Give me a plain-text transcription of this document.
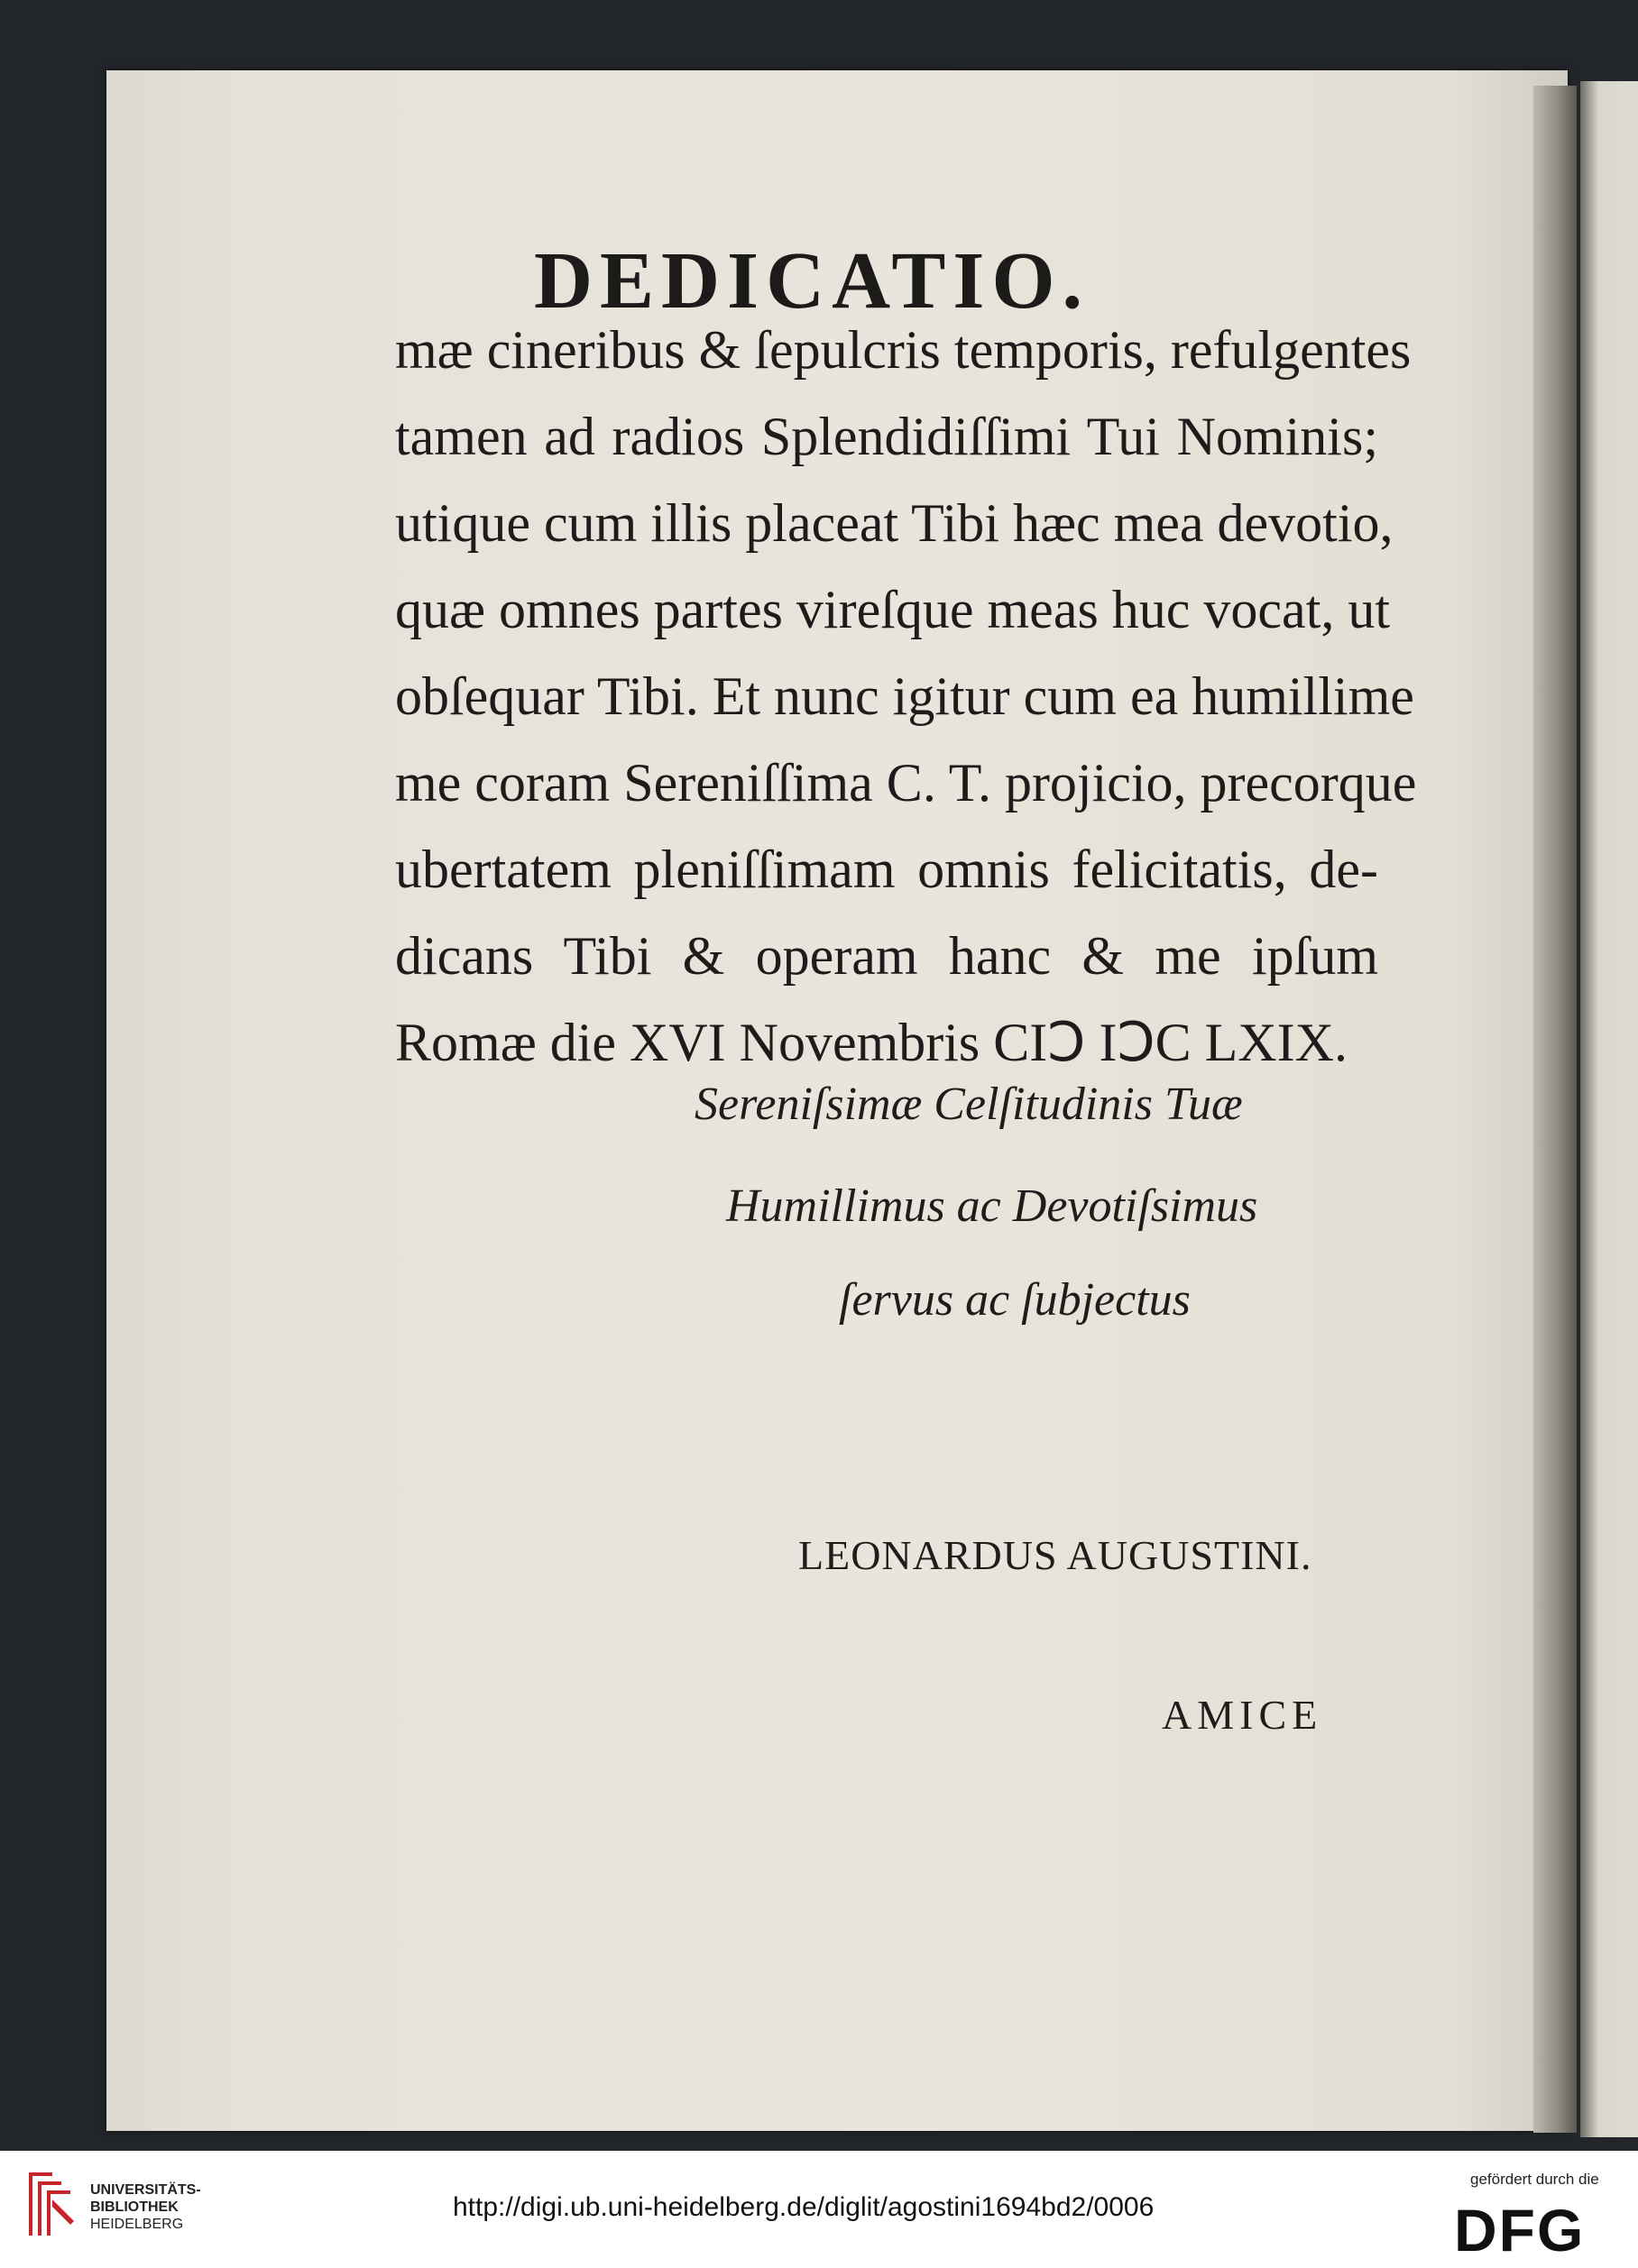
DEDICATIO.
mæ cineribus & ſepulcris temporis, refulgentes
tamen ad radios Splendidiſſimi Tui Nominis;
utique cum illis placeat Tibi hæc mea devotio,
quæ omnes partes vireſque meas huc vocat, ut
obſequar Tibi. Et nunc igitur cum ea humillime
me coram Sereniſſima C. T. projicio, precorque
ubertatem pleniſſimam omnis felicitatis, de-
dicans Tibi & operam hanc & me ipſum
Romæ die XVI Novembris CIↃ IↃC LXIX.
Sereniſsimæ Celſitudinis Tuæ
Humillimus ac Devotiſsimus
ſervus ac ſubjectus
LEONARDUS AUGUSTINI.
AMICE
UNIVERSITÄTS-
BIBLIOTHEK
HEIDELBERG
http://digi.ub.uni-heidelberg.de/diglit/agostini1694bd2/0006
gefördert durch die
DFG
